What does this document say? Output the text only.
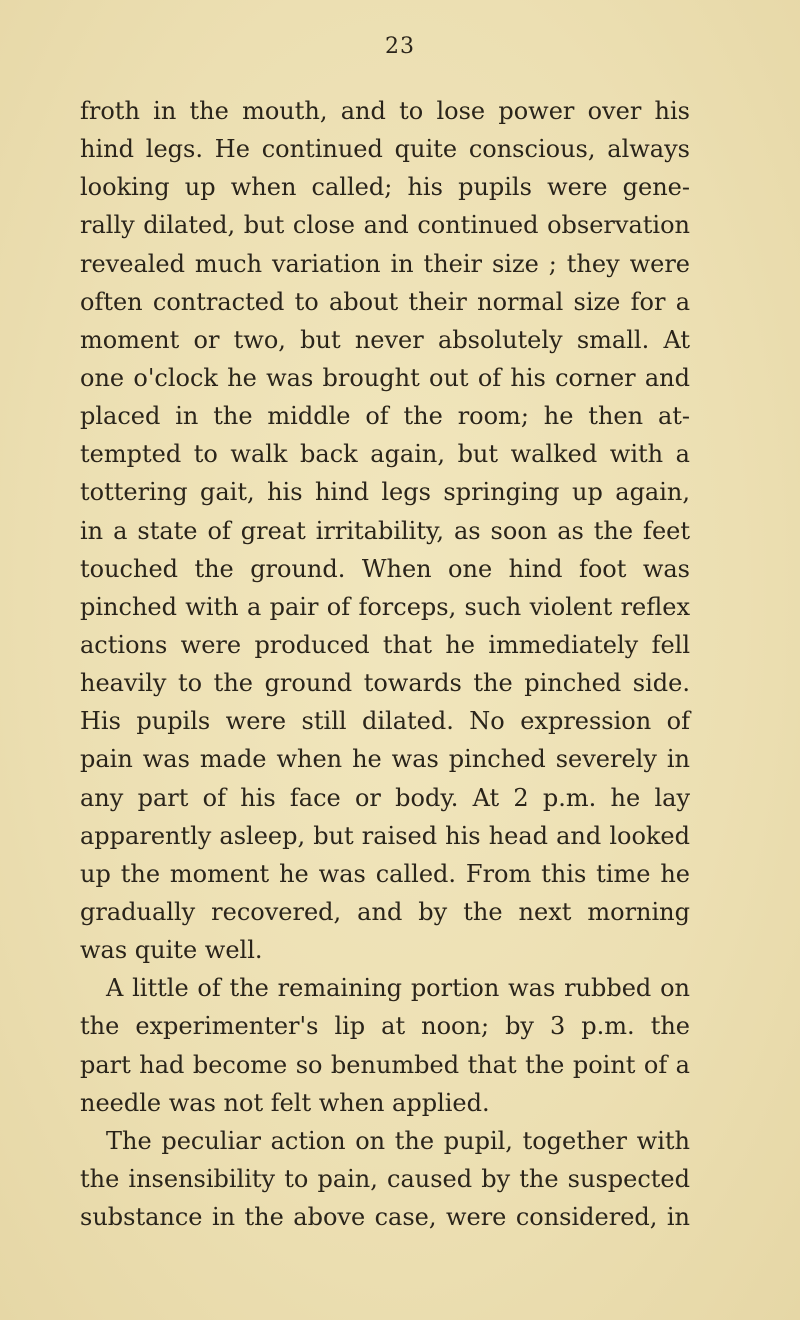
23
froth in the mouth, and to lose power over his
hind legs. He continued quite conscious, always
looking up when called; his pupils were gene-
rally dilated, but close and continued observation
revealed much variation in their size ; they were
often contracted to about their normal size for a
moment or two, but never absolutely small. At
one o'clock he was brought out of his corner and
placed in the middle of the room; he then at-
tempted to walk back again, but walked with a
tottering gait, his hind legs springing up again,
in a state of great irritability, as soon as the feet
touched the ground. When one hind foot was
pinched with a pair of forceps, such violent reflex
actions were produced that he immediately fell
heavily to the ground towards the pinched side.
His pupils were still dilated. No expression of
pain was made when he was pinched severely in
any part of his face or body. At 2 p.m. he lay
apparently asleep, but raised his head and looked
up the moment he was called. From this time he
gradually recovered, and by the next morning
was quite well.
A little of the remaining portion was rubbed on
the experimenter's lip at noon; by 3 p.m. the
part had become so benumbed that the point of a
needle was not felt when applied.
The peculiar action on the pupil, together with
the insensibility to pain, caused by the suspected
substance in the above case, were considered, in
